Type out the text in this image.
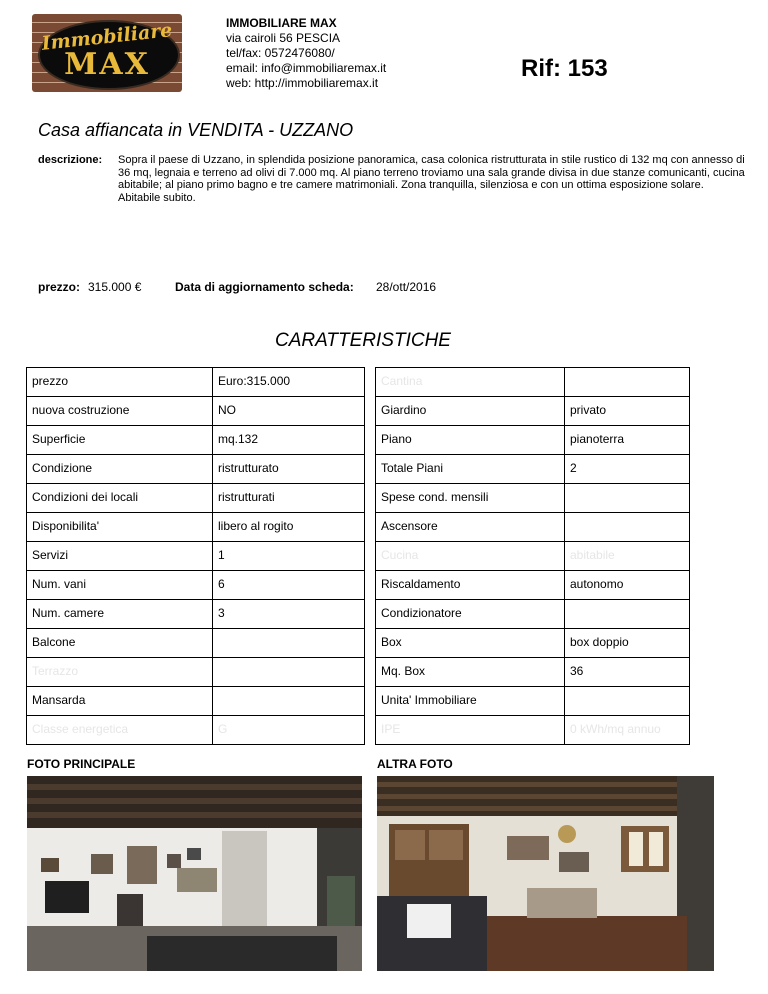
Immobiliare
MAX
IMMOBILIARE MAX
via cairoli 56 PESCIA
tel/fax: 0572476080/
email: info@immobiliaremax.it
web: http://immobiliaremax.it
Rif: 153
Casa affiancata in VENDITA - UZZANO
descrizione: Sopra il paese di Uzzano, in splendida posizione panoramica, casa colonica ristrutturata in stile rustico di 132 mq con annesso di 36 mq, legnaia e terreno ad olivi di 7.000 mq. Al piano terreno troviamo una sala grande divisa in due stanze comunicanti, cucina abitabile; al piano primo bagno e tre camere matrimoniali. Zona tranquilla, silenziosa e con un ottima esposizione solare. Abitabile subito.
prezzo: 315.000 €	Data di aggiornamento scheda: 28/ott/2016
CARATTERISTICHE
prezzo	Euro:315.000
nuova costruzione	NO
Superficie	mq.132
Condizione	ristrutturato
Condizioni dei locali	ristrutturati
Disponibilita'	libero al rogito
Servizi	1
Num. vani	6
Num. camere	3
Balcone
Terrazzo
Mansarda
Classe energetica	G
Cantina
Giardino	privato
Piano	pianoterra
Totale Piani	2
Spese cond. mensili
Ascensore
Cucina	abitabile
Riscaldamento	autonomo
Condizionatore
Box	box doppio
Mq. Box	36
Unita' Immobiliare
IPE	0 kWh/mq annuo
FOTO PRINCIPALE	ALTRA FOTO
